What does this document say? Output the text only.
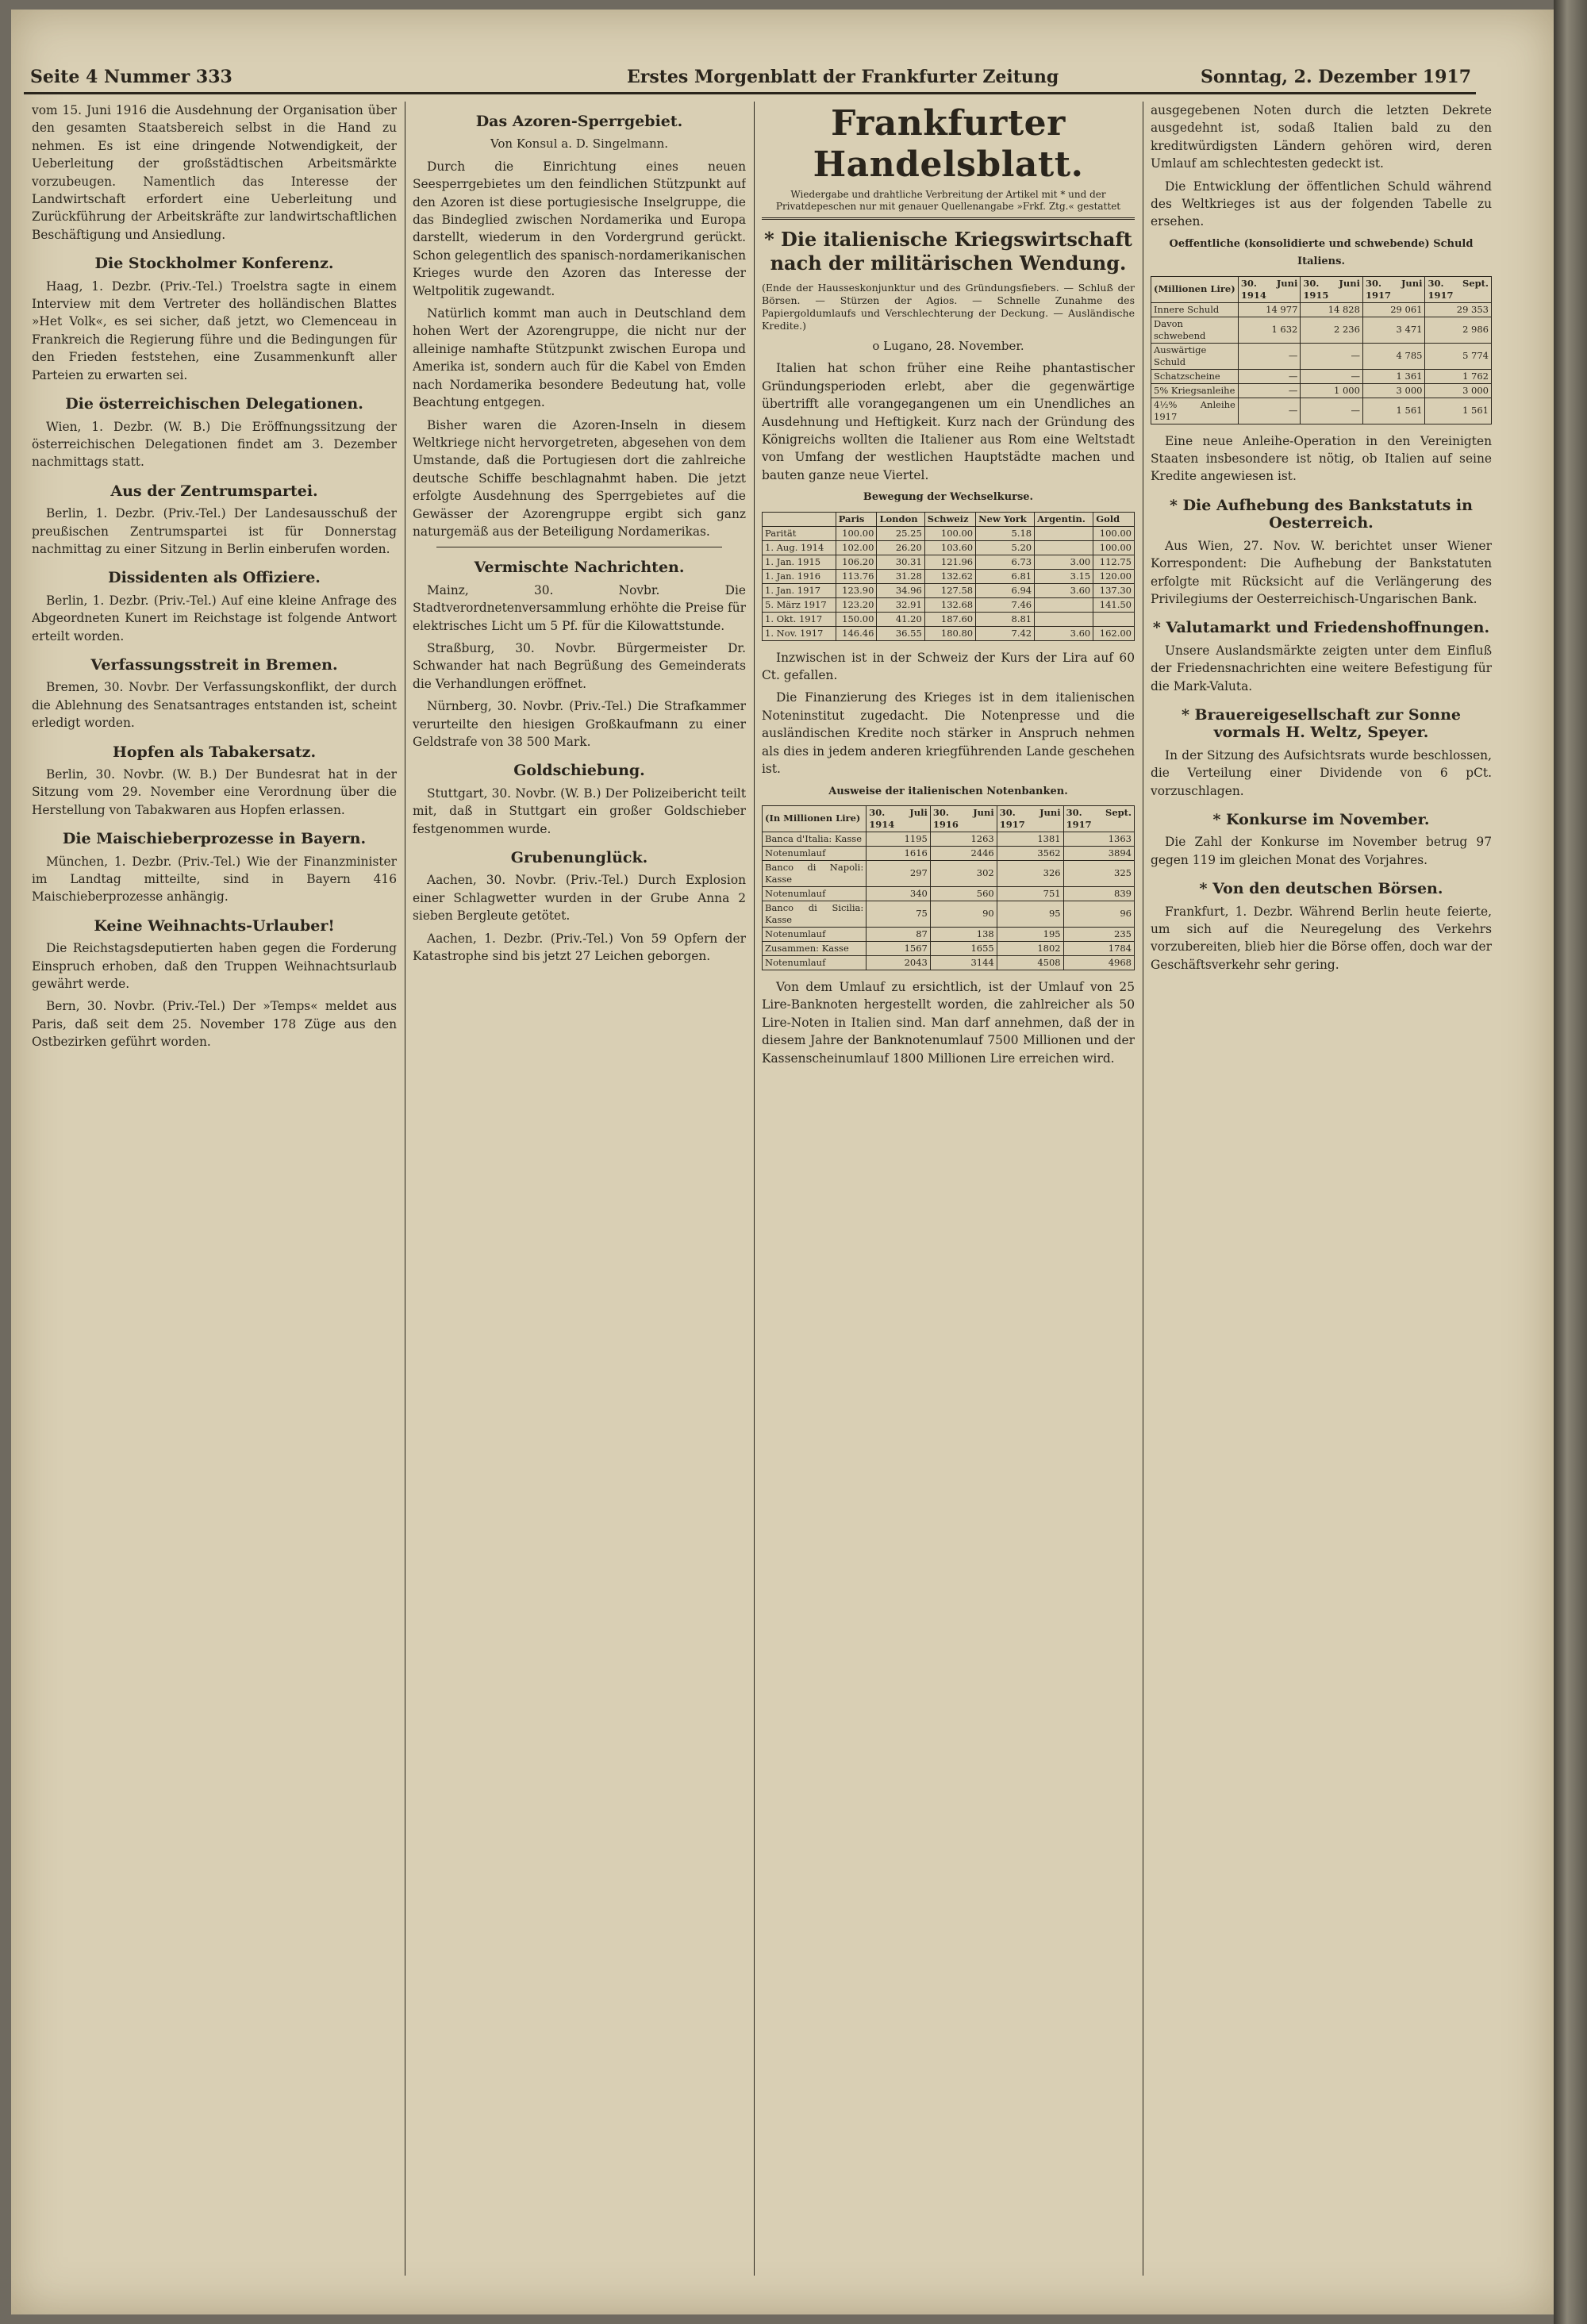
Seite 4 Nummer 333	Erstes Morgenblatt der Frankfurter Zeitung	Sonntag, 2. Dezember 1917

vom 15. Juni 1916 die Ausdehnung der Organisation über den gesamten Staatsbereich selbst in die Hand zu nehmen. Es ist eine dringende Notwendigkeit, der Ueberleitung der großstädtischen Arbeitsmärkte vorzubeugen. Namentlich das Interesse der Landwirtschaft erfordert eine Ueberleitung und Zurückführung der Arbeitskräfte zur landwirtschaftlichen Beschäftigung und Ansiedlung.

Die Stockholmer Konferenz.

Haag, 1. Dezbr. (Priv.-Tel.) Troelstra sagte in einem Interview mit dem Vertreter des holländischen Blattes »Het Volk«, es sei sicher, daß jetzt, wo Clemenceau in Frankreich die Regierung führe und die Bedingungen für den Frieden feststehen, eine Zusammenkunft aller Parteien zu erwarten sei.

Die österreichischen Delegationen.

Wien, 1. Dezbr. (W. B.) Die Eröffnungssitzung der österreichischen Delegationen findet am 3. Dezember nachmittags statt.

Aus der Zentrumspartei.

Berlin, 1. Dezbr. (Priv.-Tel.) Der Landesausschuß der preußischen Zentrumspartei ist für Donnerstag nachmittag zu einer Sitzung in Berlin einberufen worden.

Dissidenten als Offiziere.

Berlin, 1. Dezbr. (Priv.-Tel.) Auf eine kleine Anfrage des Abgeordneten Kunert im Reichstage ist folgende Antwort erteilt worden.

Verfassungsstreit in Bremen.

Bremen, 30. Novbr. Der Verfassungskonflikt, der durch die Ablehnung des Senatsantrages entstanden ist, scheint erledigt worden.

Hopfen als Tabakersatz.

Berlin, 30. Novbr. (W. B.) Der Bundesrat hat in der Sitzung vom 29. November eine Verordnung über die Herstellung von Tabakwaren aus Hopfen erlassen.

Die Maischieberprozesse in Bayern.

München, 1. Dezbr. (Priv.-Tel.) Wie der Finanzminister im Landtag mitteilte, sind in Bayern 416 Maischieberprozesse anhängig.

Keine Weihnachts-Urlauber!

Die Reichstagsdeputierten haben gegen die Forderung Einspruch erhoben, daß den Truppen Weihnachtsurlaub gewährt werde.

Bern, 30. Novbr. (Priv.-Tel.) Der »Temps« meldet aus Paris, daß seit dem 25. November 178 Züge aus den Ostbezirken geführt worden.

Das Azoren-Sperrgebiet.
Von Konsul a. D. Singelmann.

Durch die Einrichtung eines neuen Seesperrgebietes um den feindlichen Stützpunkt auf den Azoren ist diese portugiesische Inselgruppe, die das Bindeglied zwischen Nordamerika und Europa darstellt, wiederum in den Vordergrund gerückt. Schon gelegentlich des spanisch-nordamerikanischen Krieges wurde den Azoren das Interesse der Weltpolitik zugewandt.

Natürlich kommt man auch in Deutschland dem hohen Wert der Azorengruppe, die nicht nur der alleinige namhafte Stützpunkt zwischen Europa und Amerika ist, sondern auch für die Kabel von Emden nach Nordamerika besondere Bedeutung hat, volle Beachtung entgegen.

Bisher waren die Azoren-Inseln in diesem Weltkriege nicht hervorgetreten, abgesehen von dem Umstande, daß die Portugiesen dort die zahlreiche deutsche Schiffe beschlagnahmt haben. Die jetzt erfolgte Ausdehnung des Sperrgebietes auf die Gewässer der Azorengruppe ergibt sich ganz naturgemäß aus der Beteiligung Nordamerikas.

Vermischte Nachrichten.

Mainz, 30. Novbr. Die Stadtverordnetenversammlung erhöhte die Preise für elektrisches Licht um 5 Pf. für die Kilowattstunde.

Straßburg, 30. Novbr. Bürgermeister Dr. Schwander hat nach Begrüßung des Gemeinderats die Verhandlungen eröffnet.

Nürnberg, 30. Novbr. (Priv.-Tel.) Die Strafkammer verurteilte den hiesigen Großkaufmann zu einer Geldstrafe von 38 500 Mark.

Goldschiebung.

Stuttgart, 30. Novbr. (W. B.) Der Polizeibericht teilt mit, daß in Stuttgart ein großer Goldschieber festgenommen wurde.

Grubenunglück.

Aachen, 30. Novbr. (Priv.-Tel.) Durch Explosion einer Schlagwetter wurden in der Grube Anna 2 sieben Bergleute getötet.

Aachen, 1. Dezbr. (Priv.-Tel.) Von 59 Opfern der Katastrophe sind bis jetzt 27 Leichen geborgen.

Frankfurter Handelsblatt.
Wiedergabe und drahtliche Verbreitung der Artikel mit * und der Privatdepeschen nur mit genauer Quellenangabe »Frkf. Ztg.« gestattet
* Die italienische Kriegswirtschaft nach der militärischen Wendung.

(Ende der Hausseskonjunktur und des Gründungsfiebers. — Schluß der Börsen. — Stürzen der Agios. — Schnelle Zunahme des Papiergoldumlaufs und Verschlechterung der Deckung. — Ausländische Kredite.)

o Lugano, 28. November.

Italien hat schon früher eine Reihe phantastischer Gründungsperioden erlebt, aber die gegenwärtige übertrifft alle vorangegangenen um ein Unendliches an Ausdehnung und Heftigkeit. Kurz nach der Gründung des Königreichs wollten die Italiener aus Rom eine Weltstadt von Umfang der westlichen Hauptstädte machen und bauten ganze neue Viertel.

Bewegung der Wechselkurse.
	Paris	London	Schweiz	New York	Argentin.	Gold
Parität	100.00	25.25	100.00	5.18		100.00
1. Aug. 1914	102.00	26.20	103.60	5.20		100.00
1. Jan. 1915	106.20	30.31	121.96	6.73	3.00	112.75
1. Jan. 1916	113.76	31.28	132.62	6.81	3.15	120.00
1. Jan. 1917	123.90	34.96	127.58	6.94	3.60	137.30
5. März 1917	123.20	32.91	132.68	7.46		141.50
1. Okt. 1917	150.00	41.20	187.60	8.81		
1. Nov. 1917	146.46	36.55	180.80	7.42	3.60	162.00

Inzwischen ist in der Schweiz der Kurs der Lira auf 60 Ct. gefallen.

Die Finanzierung des Krieges ist in dem italienischen Noteninstitut zugedacht. Die Notenpresse und die ausländischen Kredite noch stärker in Anspruch nehmen als dies in jedem anderen kriegführenden Lande geschehen ist.

Ausweise der italienischen Notenbanken.
(In Millionen Lire)	30. Juli 1914	30. Juni 1916	30. Juni 1917	30. Sept. 1917
Banca d'Italia: Kasse	1195	1263	1381	1363
Notenumlauf	1616	2446	3562	3894
Banco di Napoli: Kasse	297	302	326	325
Notenumlauf	340	560	751	839
Banco di Sicilia: Kasse	75	90	95	96
Notenumlauf	87	138	195	235
Zusammen: Kasse	1567	1655	1802	1784
Notenumlauf	2043	3144	4508	4968

Von dem Umlauf zu ersichtlich, ist der Umlauf von 25 Lire-Banknoten hergestellt worden, die zahlreicher als 50 Lire-Noten in Italien sind. Man darf annehmen, daß der in diesem Jahre der Banknotenumlauf 7500 Millionen und der Kassenscheinumlauf 1800 Millionen Lire erreichen wird.

ausgegebenen Noten durch die letzten Dekrete ausgedehnt ist, sodaß Italien bald zu den kreditwürdigsten Ländern gehören wird, deren Umlauf am schlechtesten gedeckt ist.

Die Entwicklung der öffentlichen Schuld während des Weltkrieges ist aus der folgenden Tabelle zu ersehen.

Oeffentliche (konsolidierte und schwebende) Schuld Italiens.
(Millionen Lire)	30. Juni 1914	30. Juni 1915	30. Juni 1917	30. Sept. 1917
Innere Schuld	14 977	14 828	29 061	29 353
Davon schwebend	1 632	2 236	3 471	2 986
Auswärtige Schuld	—	—	4 785	5 774
Schatzscheine	—	—	1 361	1 762
5% Kriegsanleihe	—	1 000	3 000	3 000
4½% Anleihe 1917	—	—	1 561	1 561

Eine neue Anleihe-Operation in den Vereinigten Staaten insbesondere ist nötig, ob Italien auf seine Kredite angewiesen ist.

* Die Aufhebung des Bankstatuts in Oesterreich.

Aus Wien, 27. Nov. W. berichtet unser Wiener Korrespondent: Die Aufhebung der Bankstatuten erfolgte mit Rücksicht auf die Verlängerung des Privilegiums der Oesterreichisch-Ungarischen Bank.

* Valutamarkt und Friedenshoffnungen.

Unsere Auslandsmärkte zeigten unter dem Einfluß der Friedensnachrichten eine weitere Befestigung für die Mark-Valuta.

* Brauereigesellschaft zur Sonne vormals H. Weltz, Speyer.

In der Sitzung des Aufsichtsrats wurde beschlossen, die Verteilung einer Dividende von 6 pCt. vorzuschlagen.

* Konkurse im November.

Die Zahl der Konkurse im November betrug 97 gegen 119 im gleichen Monat des Vorjahres.

* Von den deutschen Börsen.

Frankfurt, 1. Dezbr. Während Berlin heute feierte, um sich auf die Neuregelung des Verkehrs vorzubereiten, blieb hier die Börse offen, doch war der Geschäftsverkehr sehr gering.
